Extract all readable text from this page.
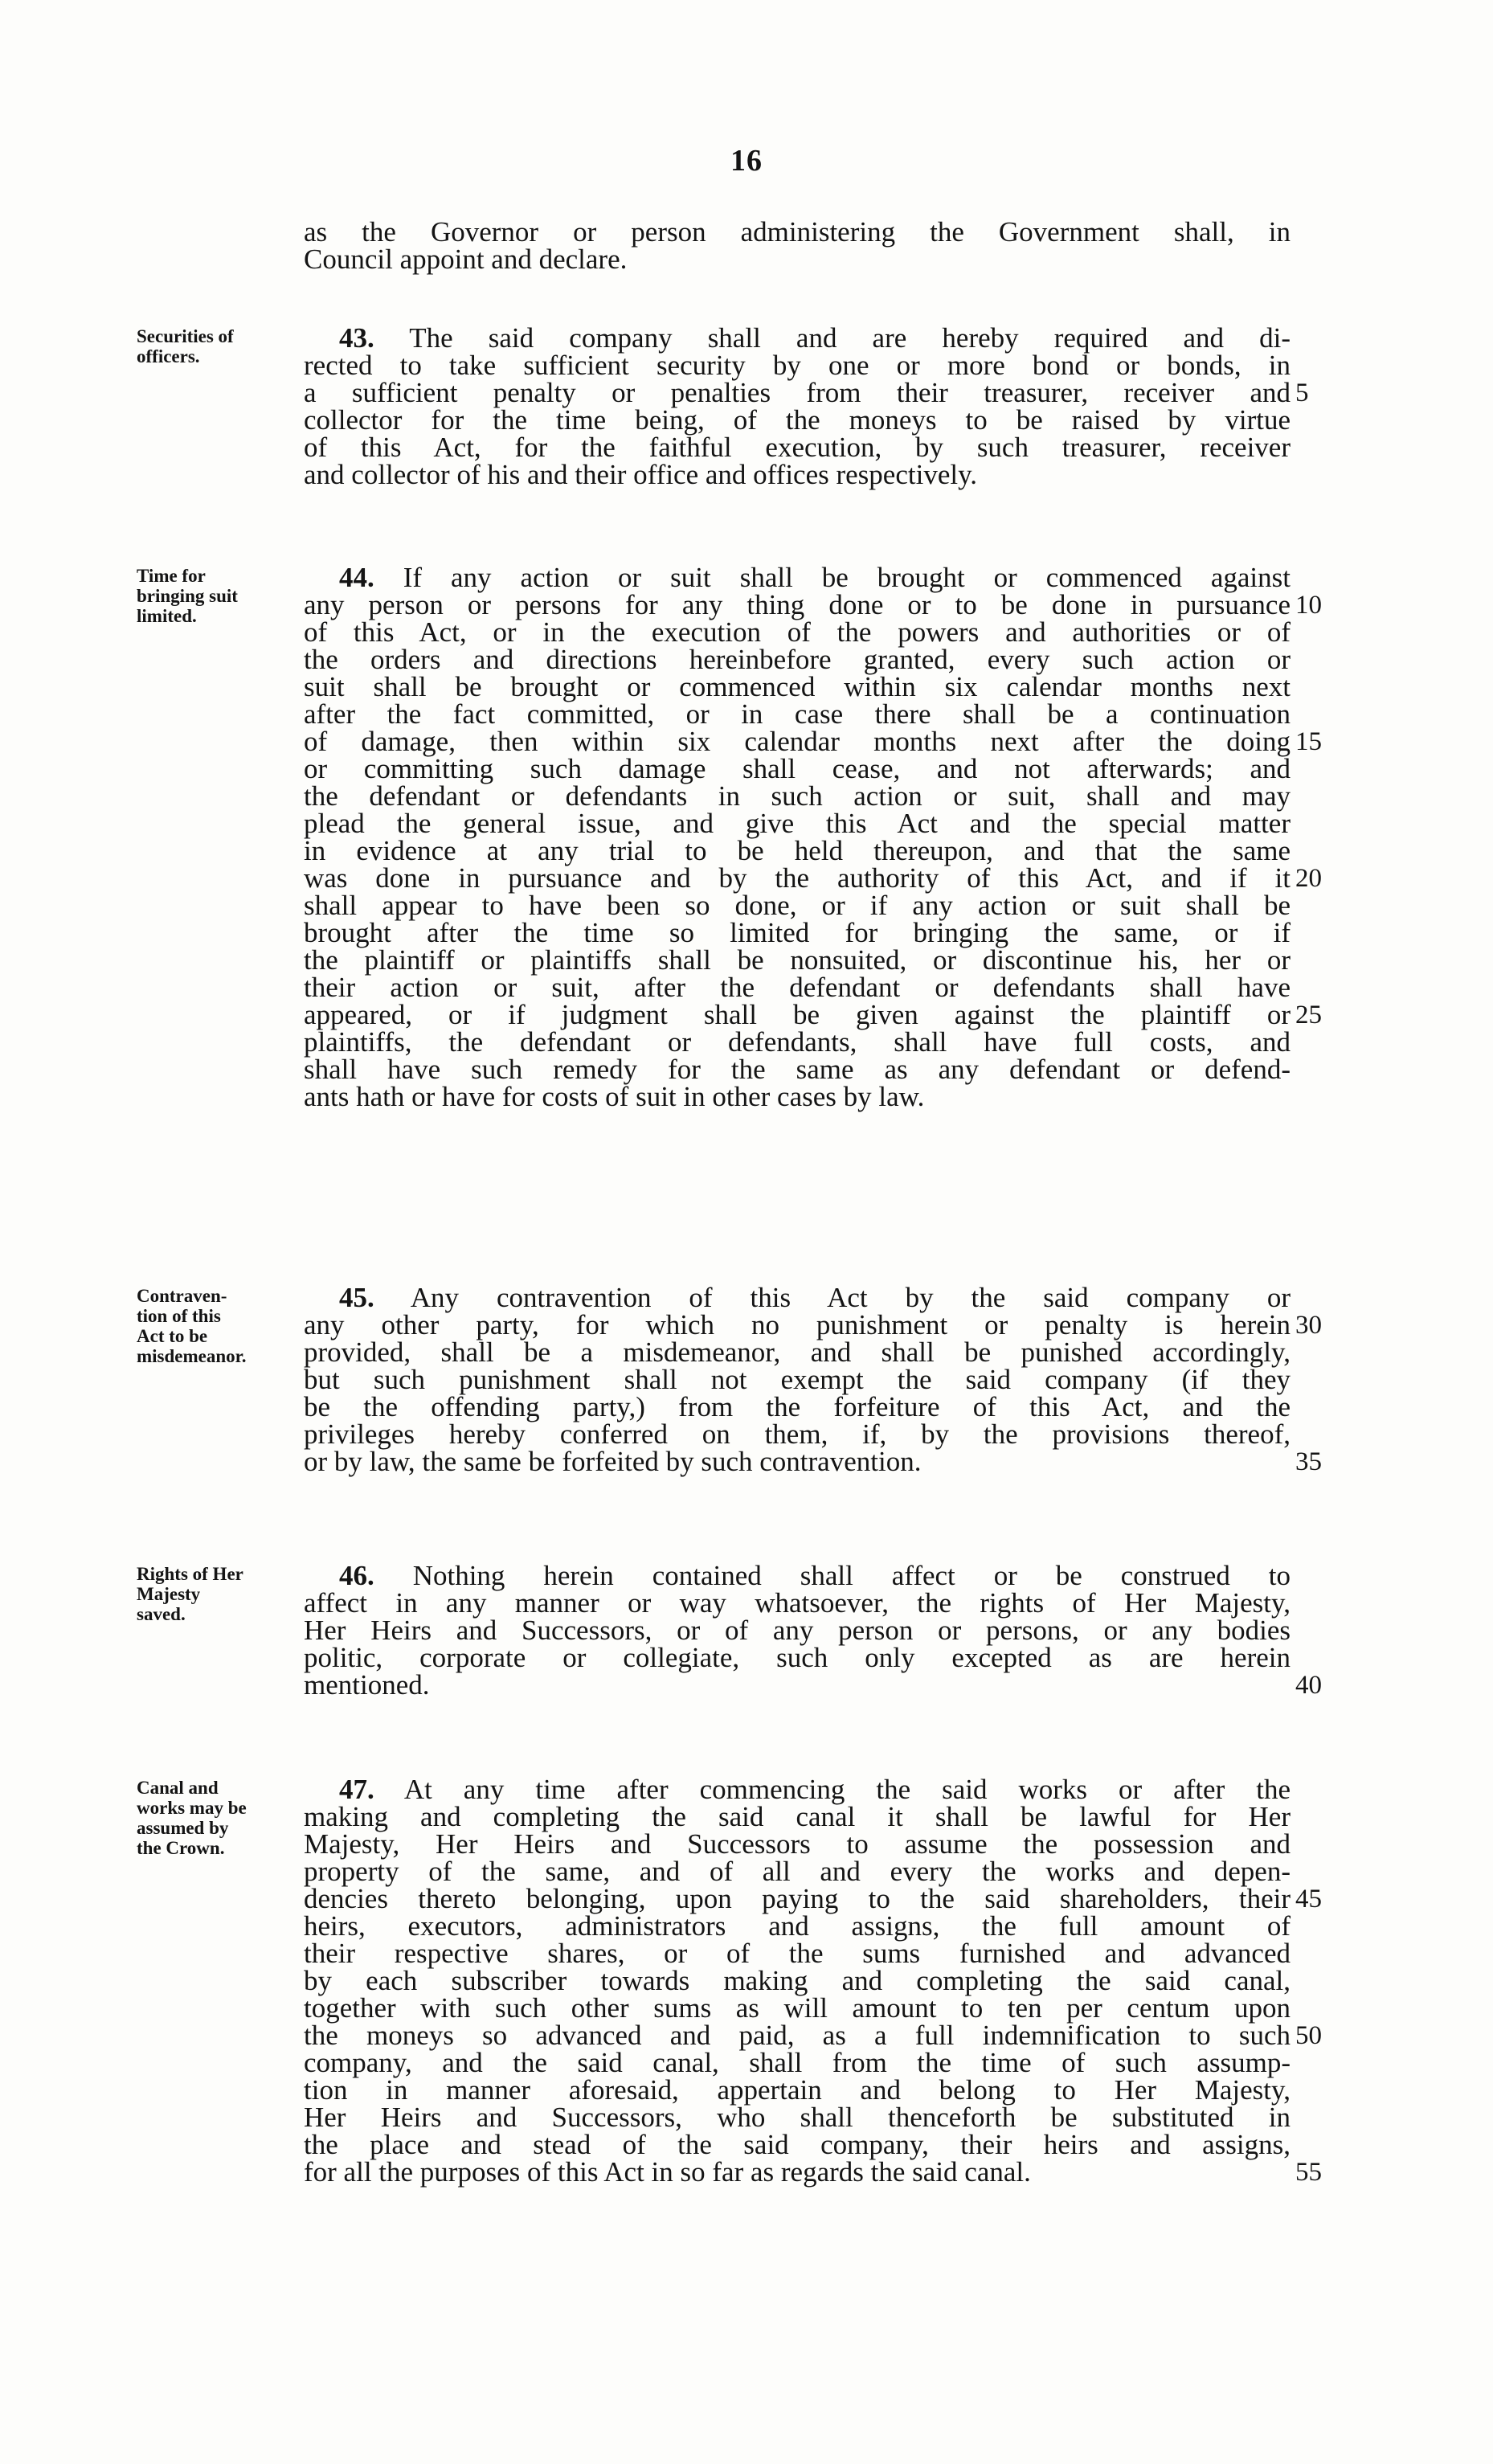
16
as the Governor or person administering the Government shall, in
Council appoint and declare.
Securities of
officers.
43. The said company shall and are hereby required and di-
rected to take sufficient security by one or more bond or bonds, in
a sufficient penalty or penalties from their treasurer, receiver and 5
collector for the time being, of the moneys to be raised by virtue
of this Act, for the faithful execution, by such treasurer, receiver
and collector of his and their office and offices respectively.
Time for
bringing suit
limited.
44. If any action or suit shall be brought or commenced against
any person or persons for any thing done or to be done in pursuance 10
of this Act, or in the execution of the powers and authorities or of
the orders and directions hereinbefore granted, every such action or
suit shall be brought or commenced within six calendar months next
after the fact committed, or in case there shall be a continuation
of damage, then within six calendar months next after the doing 15
or committing such damage shall cease, and not afterwards; and
the defendant or defendants in such action or suit, shall and may
plead the general issue, and give this Act and the special matter
in evidence at any trial to be held thereupon, and that the same
was done in pursuance and by the authority of this Act, and if it 20
shall appear to have been so done, or if any action or suit shall be
brought after the time so limited for bringing the same, or if
the plaintiff or plaintiffs shall be nonsuited, or discontinue his, her or
their action or suit, after the defendant or defendants shall have
appeared, or if judgment shall be given against the plaintiff or 25
plaintiffs, the defendant or defendants, shall have full costs, and
shall have such remedy for the same as any defendant or defend-
ants hath or have for costs of suit in other cases by law.
Contraven-
tion of this
Act to be
misdemeanor.
45. Any contravention of this Act by the said company or
any other party, for which no punishment or penalty is herein 30
provided, shall be a misdemeanor, and shall be punished accordingly,
but such punishment shall not exempt the said company (if they
be the offending party,) from the forfeiture of this Act, and the
privileges hereby conferred on them, if, by the provisions thereof,
or by law, the same be forfeited by such contravention.	35
Rights of Her
Majesty
saved.
46. Nothing herein contained shall affect or be construed to
affect in any manner or way whatsoever, the rights of Her Majesty,
Her Heirs and Successors, or of any person or persons, or any bodies
politic, corporate or collegiate, such only excepted as are herein
mentioned.	40
Canal and
works may be
assumed by
the Crown.
47. At any time after commencing the said works or after the
making and completing the said canal it shall be lawful for Her
Majesty, Her Heirs and Successors to assume the possession and
property of the same, and of all and every the works and depen-
dencies thereto belonging, upon paying to the said shareholders, their 45
heirs, executors, administrators and assigns, the full amount of
their respective shares, or of the sums furnished and advanced
by each subscriber towards making and completing the said canal,
together with such other sums as will amount to ten per centum upon
the moneys so advanced and paid, as a full indemnification to such 50
company, and the said canal, shall from the time of such assump-
tion in manner aforesaid, appertain and belong to Her Majesty,
Her Heirs and Successors, who shall thenceforth be substituted in
the place and stead of the said company, their heirs and assigns,
for all the purposes of this Act in so far as regards the said canal.	55
